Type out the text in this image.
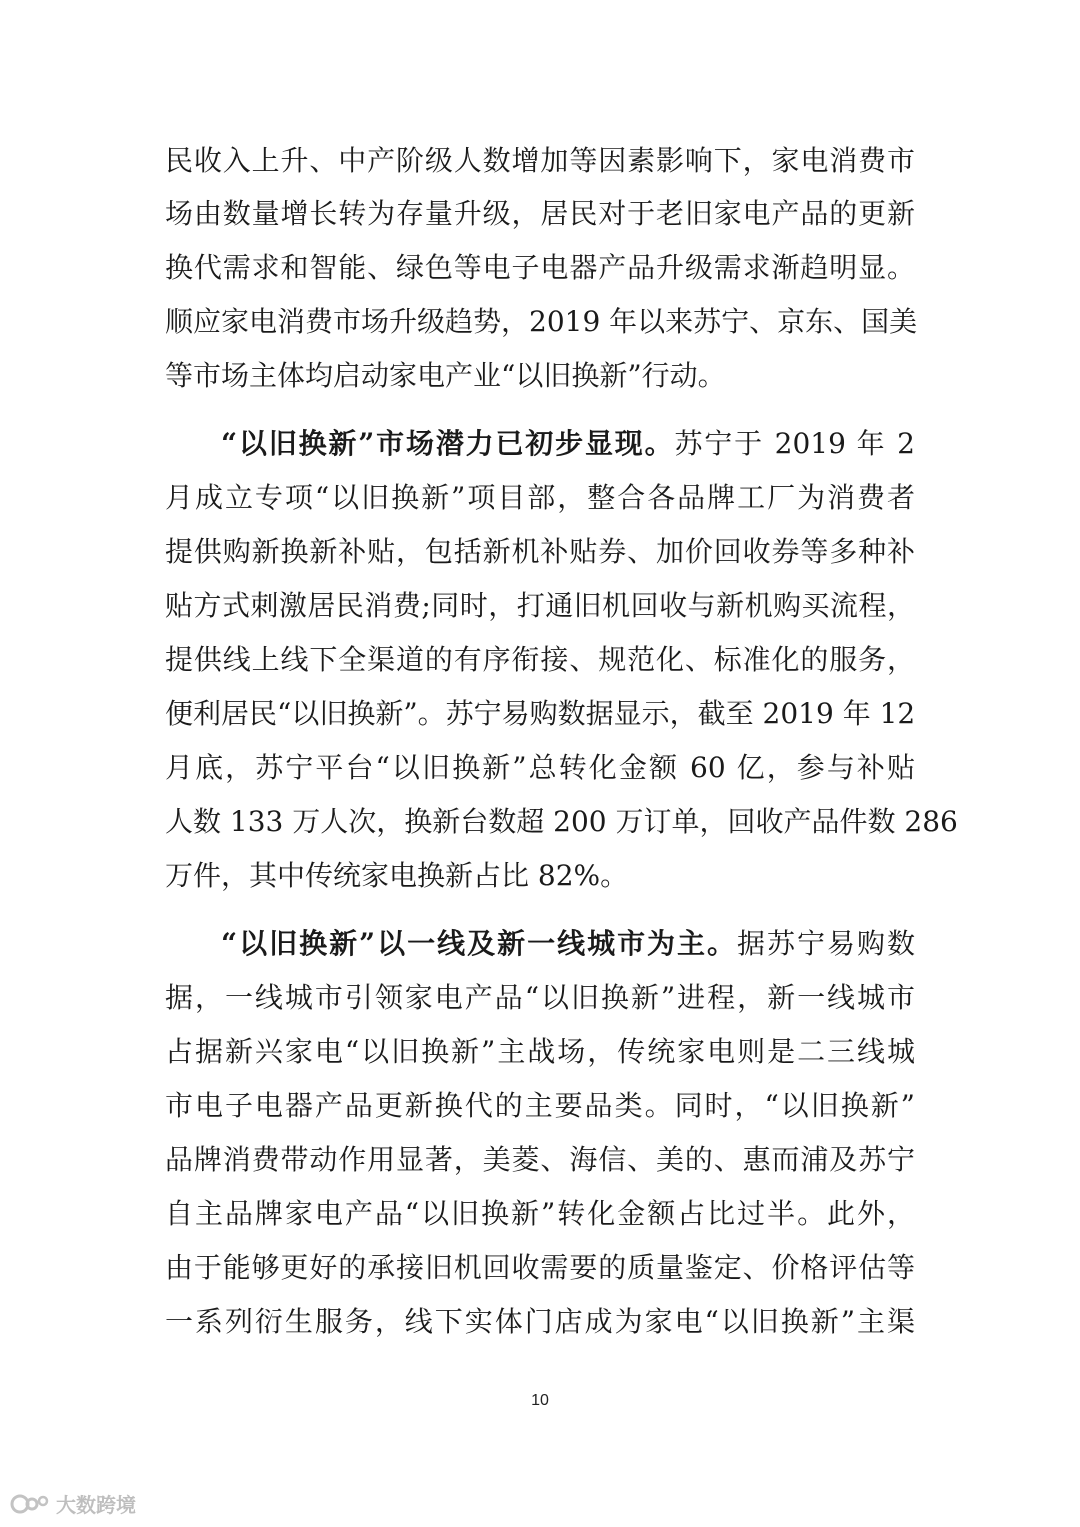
民收入上升、中产阶级人数增加等因素影响下，家电消费市
场由数量增长转为存量升级，居民对于老旧家电产品的更新
换代需求和智能、绿色等电子电器产品升级需求渐趋明显。
顺应家电消费市场升级趋势，2019 年以来苏宁、京东、国美
等市场主体均启动家电产业“以旧换新”行动。
“以旧换新”市场潜力已初步显现。苏宁于 2019 年 2
月成立专项“以旧换新”项目部，整合各品牌工厂为消费者
提供购新换新补贴，包括新机补贴券、加价回收券等多种补
贴方式刺激居民消费;同时，打通旧机回收与新机购买流程，
提供线上线下全渠道的有序衔接、规范化、标准化的服务，
便利居民“以旧换新”。苏宁易购数据显示，截至 2019 年 12
月底，苏宁平台“以旧换新”总转化金额 60 亿，参与补贴
人数 133 万人次，换新台数超 200 万订单，回收产品件数 286
万件，其中传统家电换新占比 82%。
“以旧换新”以一线及新一线城市为主。据苏宁易购数
据，一线城市引领家电产品“以旧换新”进程，新一线城市
占据新兴家电“以旧换新”主战场，传统家电则是二三线城
市电子电器产品更新换代的主要品类。同时，“以旧换新”
品牌消费带动作用显著，美菱、海信、美的、惠而浦及苏宁
自主品牌家电产品“以旧换新”转化金额占比过半。此外，
由于能够更好的承接旧机回收需要的质量鉴定、价格评估等
一系列衍生服务，线下实体门店成为家电“以旧换新”主渠
10
大数跨境
